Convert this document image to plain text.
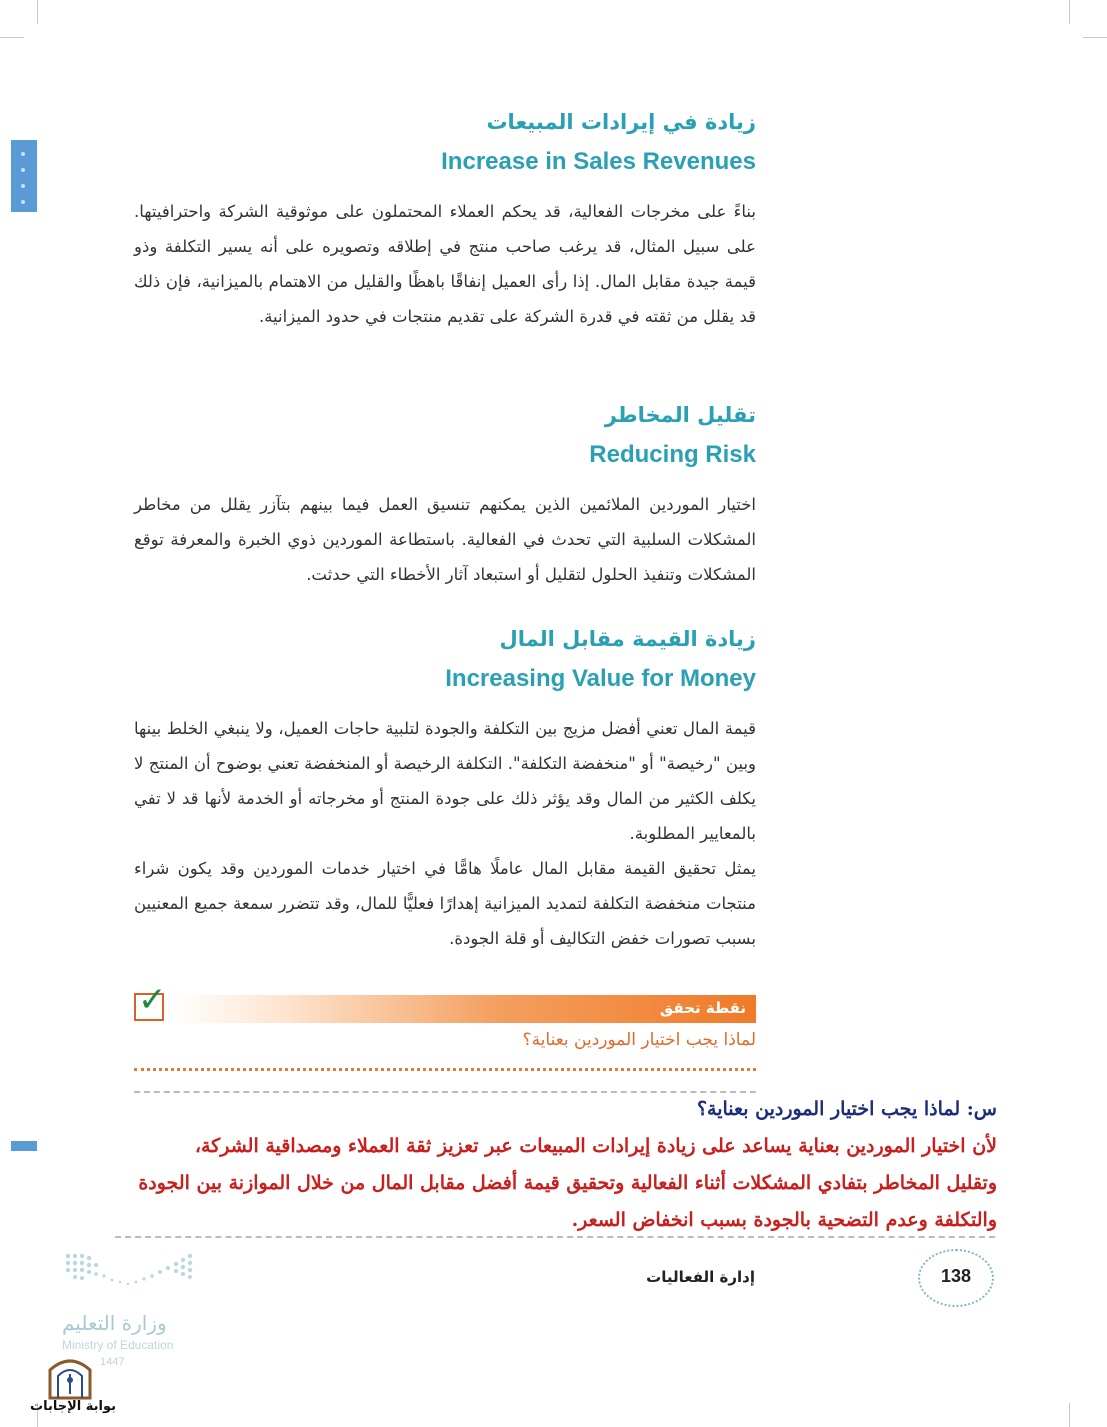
زيادة في إيرادات المبيعات
Increase in Sales Revenues
بناءً على مخرجات الفعالية، قد يحكم العملاء المحتملون على موثوقية الشركة واحترافيتها. على سبيل المثال، قد يرغب صاحب منتج في إطلاقه وتصويره على أنه يسير التكلفة وذو قيمة جيدة مقابل المال. إذا رأى العميل إنفاقًا باهظًا والقليل من الاهتمام بالميزانية، فإن ذلك قد يقلل من ثقته في قدرة الشركة على تقديم منتجات في حدود الميزانية.
تقليل المخاطر
Reducing Risk
اختيار الموردين الملائمين الذين يمكنهم تنسيق العمل فيما بينهم بتآزر يقلل من مخاطر المشكلات السلبية التي تحدث في الفعالية. باستطاعة الموردين ذوي الخبرة والمعرفة توقع المشكلات وتنفيذ الحلول لتقليل أو استبعاد آثار الأخطاء التي حدثت.
زيادة القيمة مقابل المال
Increasing Value for Money
قيمة المال تعني أفضل مزيج بين التكلفة والجودة لتلبية حاجات العميل، ولا ينبغي الخلط بينها وبين "رخيصة" أو "منخفضة التكلفة". التكلفة الرخيصة أو المنخفضة تعني بوضوح أن المنتج لا يكلف الكثير من المال وقد يؤثر ذلك على جودة المنتج أو مخرجاته أو الخدمة لأنها قد لا تفي بالمعايير المطلوبة.
يمثل تحقيق القيمة مقابل المال عاملًا هامًّا في اختيار خدمات الموردين وقد يكون شراء منتجات منخفضة التكلفة لتمديد الميزانية إهدارًا فعليًّا للمال، وقد تتضرر سمعة جميع المعنيين بسبب تصورات خفض التكاليف أو قلة الجودة.
نقطة تحقق
✓
لماذا يجب اختيار الموردين بعناية؟
س: لماذا يجب اختيار الموردين بعناية؟
لأن اختيار الموردين بعناية يساعد على زيادة إيرادات المبيعات عبر تعزيز ثقة العملاء ومصداقية الشركة،
وتقليل المخاطر بتفادي المشكلات أثناء الفعالية وتحقيق قيمة أفضل مقابل المال من خلال الموازنة بين الجودة
والتكلفة وعدم التضحية بالجودة بسبب انخفاض السعر.
إدارة الفعاليات	138
وزارة التعليم
Ministry of Education
1447
بوابة الإجابات
